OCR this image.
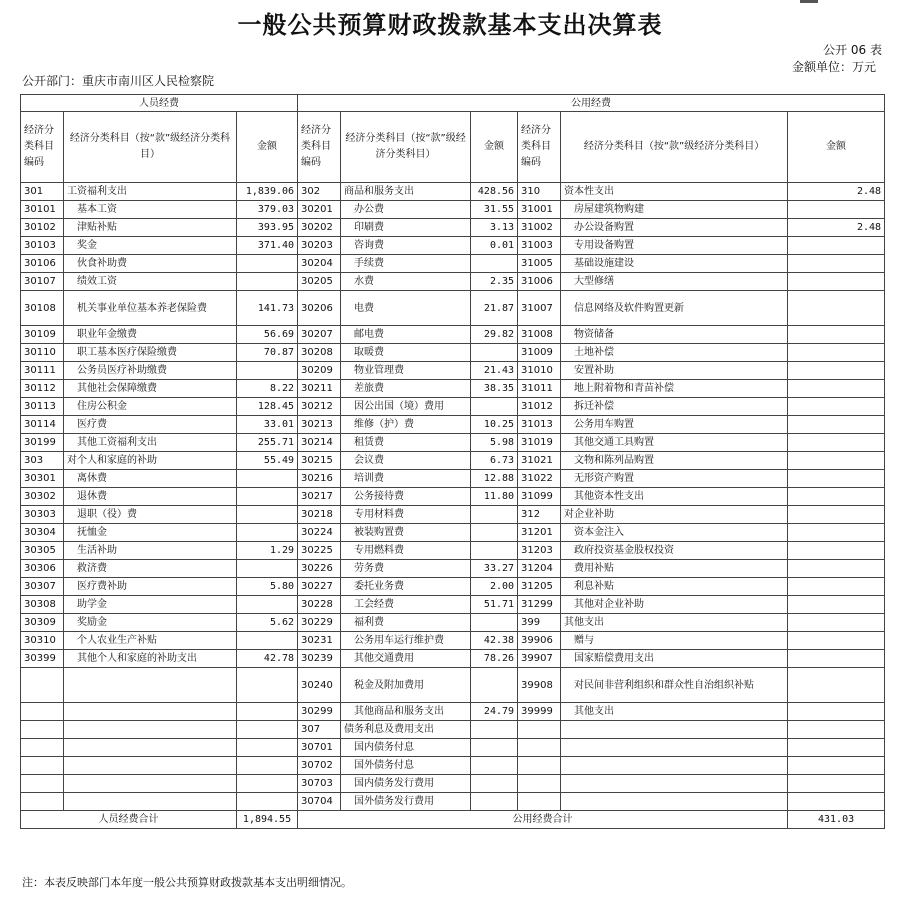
一般公共预算财政拨款基本支出决算表
公开 06 表
金额单位：万元
公开部门：重庆市南川区人民检察院
人员经费			公用经费					
经济分类科目编码	经济分类科目（按“款”级经济分类科目）	金额	经济分类科目编码	经济分类科目（按“款”级经济分类科目）	金额	经济分类科目编码	经济分类科目（按“款”级经济分类科目）	金额
301	工资福利支出	1,839.06	302	商品和服务支出	428.56	310	资本性支出	2.48
30101	基本工资	379.03	30201	办公费	31.55	31001	房屋建筑物购建	
30102	津贴补贴	393.95	30202	印刷费	3.13	31002	办公设备购置	2.48
30103	奖金	371.40	30203	咨询费	0.01	31003	专用设备购置	
30106	伙食补助费		30204	手续费		31005	基础设施建设	
30107	绩效工资		30205	水费	2.35	31006	大型修缮	
30108	机关事业单位基本养老保险费	141.73	30206	电费	21.87	31007	信息网络及软件购置更新	
30109	职业年金缴费	56.69	30207	邮电费	29.82	31008	物资储备	
30110	职工基本医疗保险缴费	70.87	30208	取暖费		31009	土地补偿	
30111	公务员医疗补助缴费		30209	物业管理费	21.43	31010	安置补助	
30112	其他社会保障缴费	8.22	30211	差旅费	38.35	31011	地上附着物和青苗补偿	
30113	住房公积金	128.45	30212	因公出国（境）费用		31012	拆迁补偿	
30114	医疗费	33.01	30213	维修（护）费	10.25	31013	公务用车购置	
30199	其他工资福利支出	255.71	30214	租赁费	5.98	31019	其他交通工具购置	
303	对个人和家庭的补助	55.49	30215	会议费	6.73	31021	文物和陈列品购置	
30301	离休费		30216	培训费	12.88	31022	无形资产购置	
30302	退休费		30217	公务接待费	11.80	31099	其他资本性支出	
30303	退职（役）费		30218	专用材料费		312	对企业补助	
30304	抚恤金		30224	被装购置费		31201	资本金注入	
30305	生活补助	1.29	30225	专用燃料费		31203	政府投资基金股权投资	
30306	救济费		30226	劳务费	33.27	31204	费用补贴	
30307	医疗费补助	5.80	30227	委托业务费	2.00	31205	利息补贴	
30308	助学金		30228	工会经费	51.71	31299	其他对企业补助	
30309	奖励金	5.62	30229	福利费		399	其他支出	
30310	个人农业生产补贴		30231	公务用车运行维护费	42.38	39906	赠与	
30399	其他个人和家庭的补助支出	42.78	30239	其他交通费用	78.26	39907	国家赔偿费用支出	
			30240	税金及附加费用		39908	对民间非营利组织和群众性自治组织补贴	
			30299	其他商品和服务支出	24.79	39999	其他支出	
			307	债务利息及费用支出				
			30701	国内债务付息				
			30702	国外债务付息				
			30703	国内债务发行费用				
			30704	国外债务发行费用				
人员经费合计		1,894.55	公用经费合计					431.03
注：本表反映部门本年度一般公共预算财政拨款基本支出明细情况。
